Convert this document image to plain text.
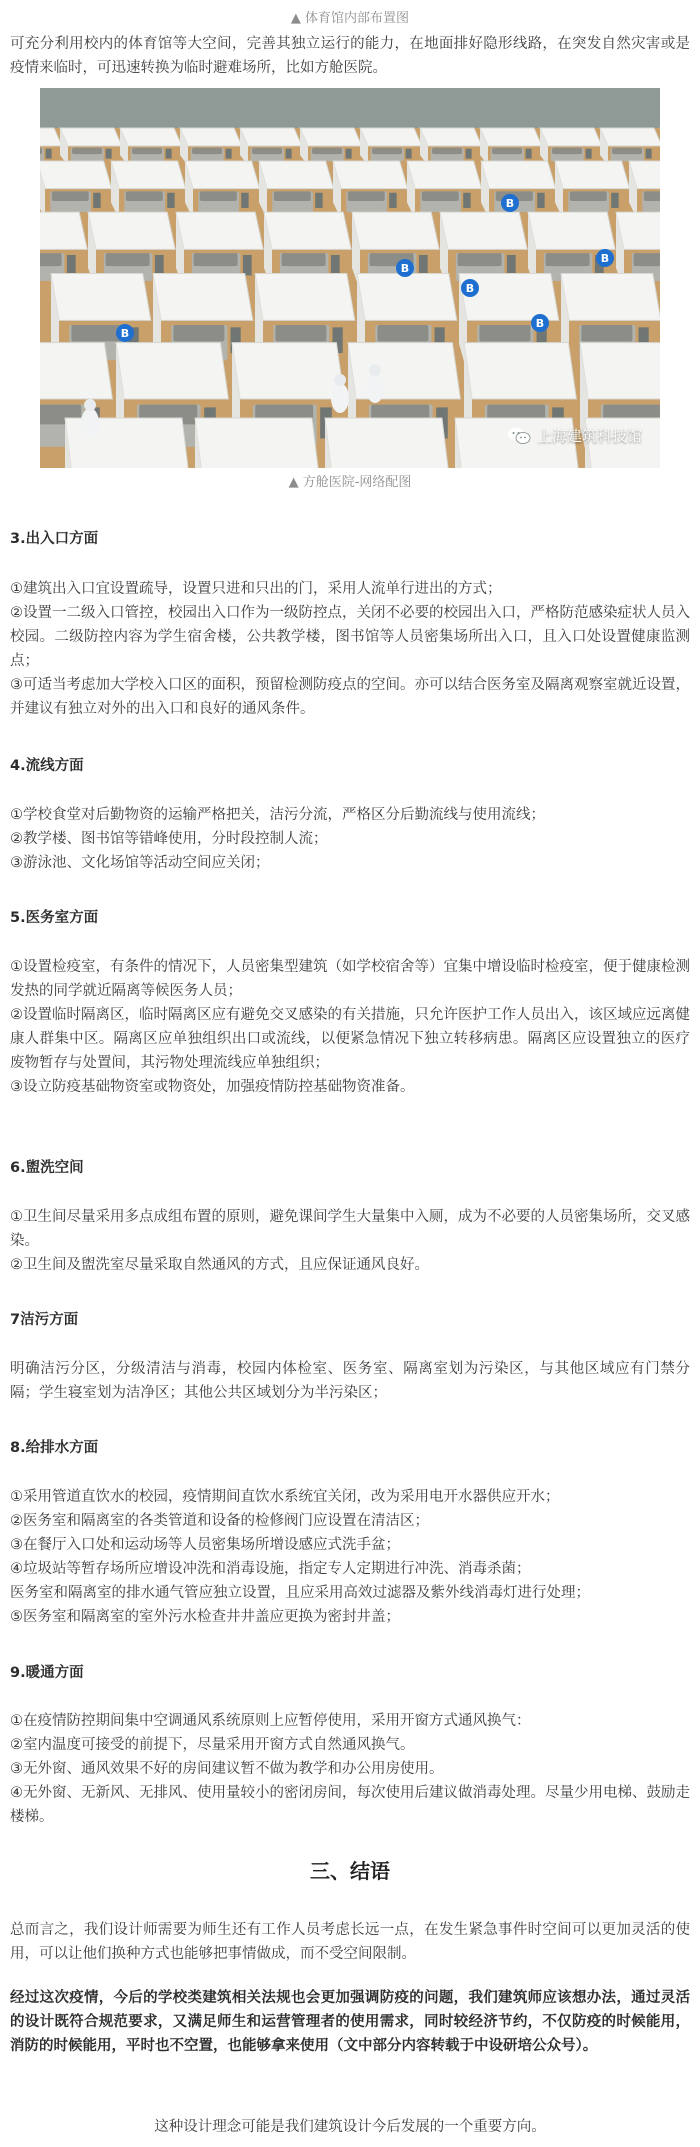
▲ 体育馆内部布置图

可充分利用校内的体育馆等大空间，完善其独立运行的能力，在地面排好隐形线路，在突发自然灾害或是疫情来临时，可迅速转换为临时避难场所，比如方舱医院。

B
B
B
B
B
B
上海建筑科技馆
▲ 方舱医院-网络配图
3.出入口方面
①建筑出入口宜设置疏导，设置只进和只出的门，采用人流单行进出的方式；
②设置一二级入口管控，校园出入口作为一级防控点，关闭不必要的校园出入口，严格防范感染症状人员入校园。二级防控内容为学生宿舍楼，公共教学楼，图书馆等人员密集场所出入口，且入口处设置健康监测点；
③可适当考虑加大学校入口区的面积，预留检测防疫点的空间。亦可以结合医务室及隔离观察室就近设置，并建议有独立对外的出入口和良好的通风条件。
4.流线方面
①学校食堂对后勤物资的运输严格把关，洁污分流，严格区分后勤流线与使用流线；
②教学楼、图书馆等错峰使用，分时段控制人流；
③游泳池、文化场馆等活动空间应关闭；
5.医务室方面
①设置检疫室，有条件的情况下，人员密集型建筑（如学校宿舍等）宜集中增设临时检疫室，便于健康检测发热的同学就近隔离等候医务人员；
②设置临时隔离区，临时隔离区应有避免交叉感染的有关措施，只允许医护工作人员出入，该区域应远离健康人群集中区。隔离区应单独组织出口或流线，以便紧急情况下独立转移病患。隔离区应设置独立的医疗废物暂存与处置间，其污物处理流线应单独组织；
③设立防疫基础物资室或物资处，加强疫情防控基础物资准备。
6.盥洗空间
①卫生间尽量采用多点成组布置的原则，避免课间学生大量集中入厕，成为不必要的人员密集场所，交叉感染。
②卫生间及盥洗室尽量采取自然通风的方式，且应保证通风良好。
7洁污方面
明确洁污分区，分级清洁与消毒，校园内体检室、医务室、隔离室划为污染区，与其他区域应有门禁分隔；学生寝室划为洁净区；其他公共区域划分为半污染区；
8.给排水方面
①采用管道直饮水的校园，疫情期间直饮水系统宜关闭，改为采用电开水器供应开水；
②医务室和隔离室的各类管道和设备的检修阀门应设置在清洁区；
③在餐厅入口处和运动场等人员密集场所增设感应式洗手盆；
④垃圾站等暂存场所应增设冲洗和消毒设施，指定专人定期进行冲洗、消毒杀菌；
医务室和隔离室的排水通气管应独立设置，且应采用高效过滤器及紫外线消毒灯进行处理；
⑤医务室和隔离室的室外污水检查井井盖应更换为密封井盖；
9.暖通方面
①在疫情防控期间集中空调通风系统原则上应暂停使用，采用开窗方式通风换气：
②室内温度可接受的前提下，尽量采用开窗方式自然通风换气。
③无外窗、通风效果不好的房间建议暂不做为教学和办公用房使用。
④无外窗、无新风、无排风、使用量较小的密闭房间，每次使用后建议做消毒处理。尽量少用电梯、鼓励走楼梯。
三、结语

总而言之，我们设计师需要为师生还有工作人员考虑长远一点，在发生紧急事件时空间可以更加灵活的使用，可以让他们换种方式也能够把事情做成，而不受空间限制。

经过这次疫情，今后的学校类建筑相关法规也会更加强调防疫的问题，我们建筑师应该想办法，通过灵活的设计既符合规范要求，又满足师生和运营管理者的使用需求，同时较经济节约，不仅防疫的时候能用，消防的时候能用，平时也不空置，也能够拿来使用（文中部分内容转载于中设研培公众号）。

这种设计理念可能是我们建筑设计今后发展的一个重要方向。
